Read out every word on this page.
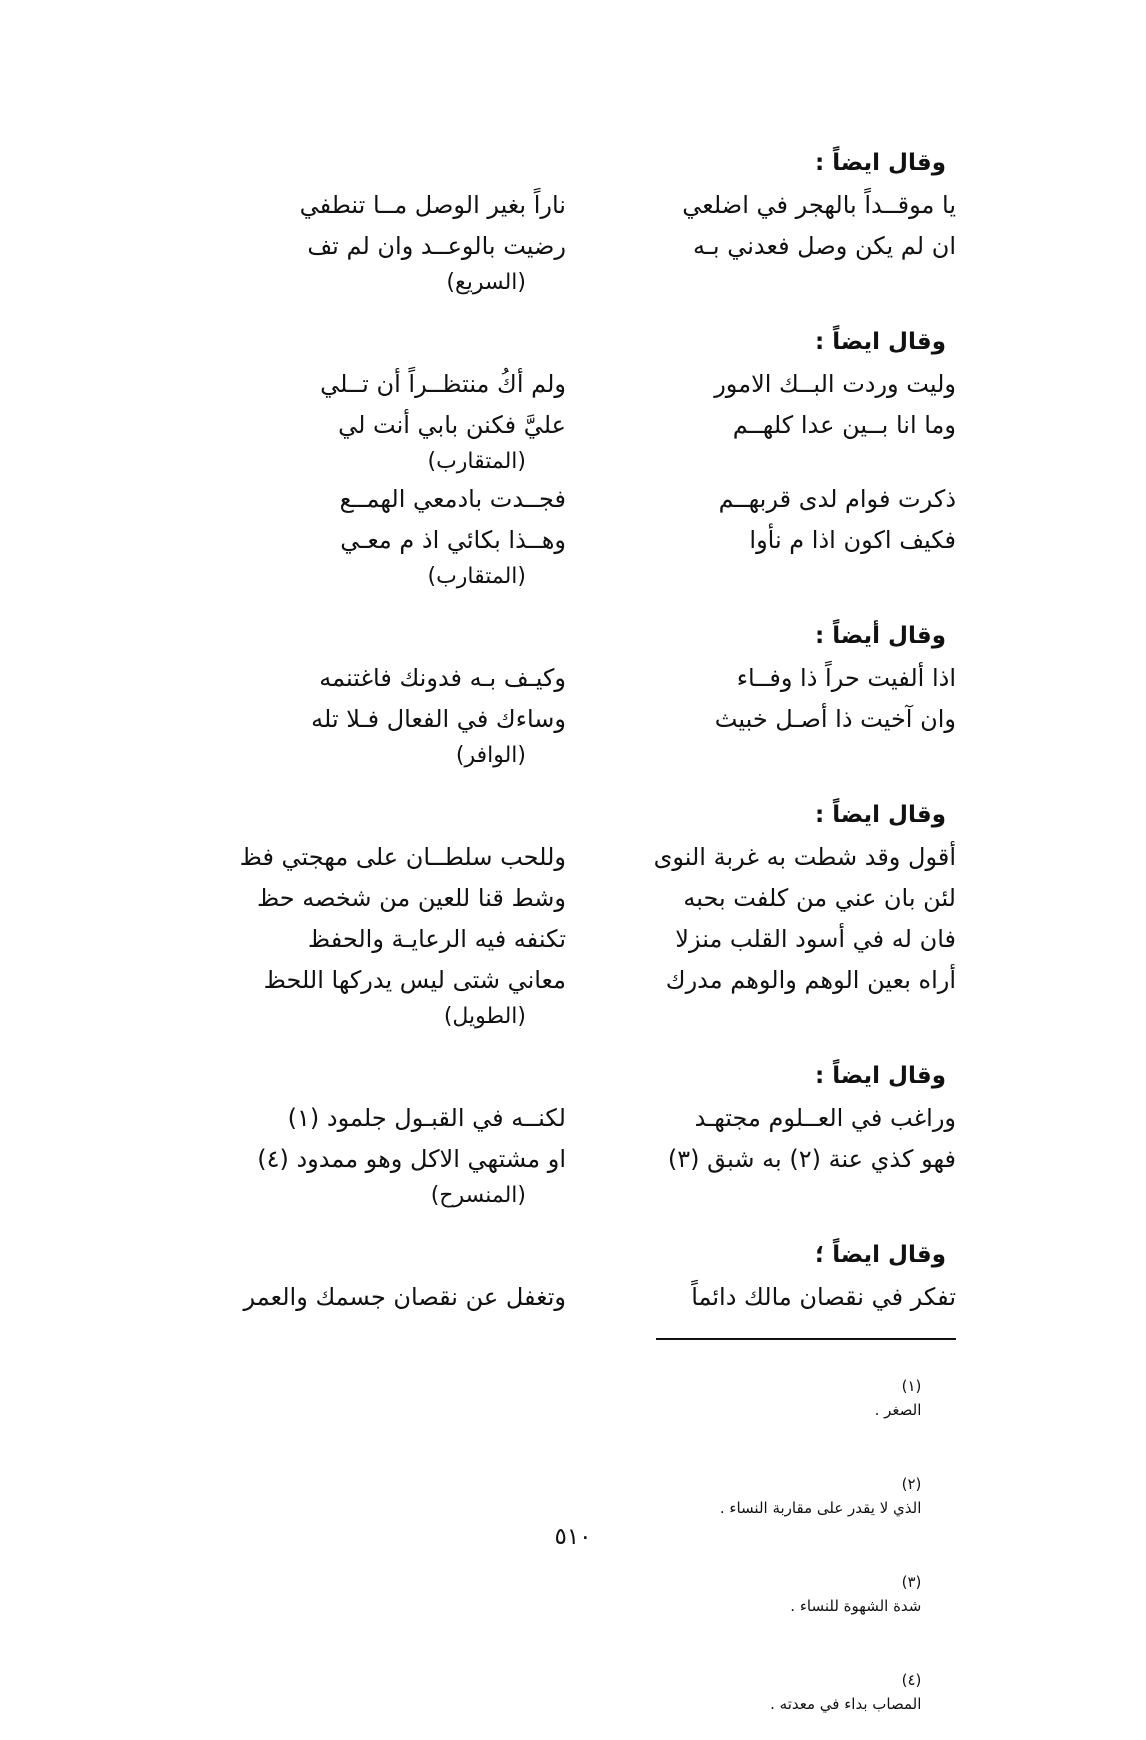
وقال ايضاً :
يا موقــداً بالهجر في اضلعي
ناراً بغير الوصل مــا تنطفي
ان لم يكن وصل فعدني بـه
رضيت بالوعــد وان لم تف
(السريع)
وقال ايضاً :
وليت وردت البــك الامور
ولم أكُ منتظــراً أن تــلي
وما انا بــين عدا كلهــم
عليَّ فكنن بابي أنت لي
(المتقارب)
ذكرت فوام لدى قربهــم
فجــدت بادمعي الهمــع
فكيف اكون اذا م نأوا
وهــذا بكائي اذ م معـي
(المتقارب)
وقال أيضاً :
اذا ألفيت حراً ذا وفــاء
وكيـف بـه فدونك فاغتنمه
وان آخيت ذا أصـل خبيث
وساءك في الفعال فـلا تله
(الوافر)
وقال ايضاً :
أقول وقد شطت به غربة النوى
وللحب سلطــان على مهجتي فظ
لئن بان عني من كلفت بحبه
وشط قنا للعين من شخصه حظ
فان له في أسود القلب منزلا
تكنفه فيه الرعايـة والحفظ
أراه بعين الوهم والوهم مدرك
معاني شتى ليس يدركها اللحظ
(الطويل)
وقال ايضاً :
وراغب في العــلوم مجتهـد
لكنــه في القبـول جلمود (١)
فهو كذي عنة (٢) به شبق (٣)
او مشتهي الاكل وهو ممدود (٤)
(المنسرح)
وقال ايضاً ؛
تفكر في نقصان مالك دائماً
وتغفل عن نقصان جسمك والعمر

(١)
الصغر .

(٢)
الذي لا يقدر على مقاربة النساء .

(٣)
شدة الشهوة للنساء .

(٤)
المصاب بداء في معدته .

٥١٠
